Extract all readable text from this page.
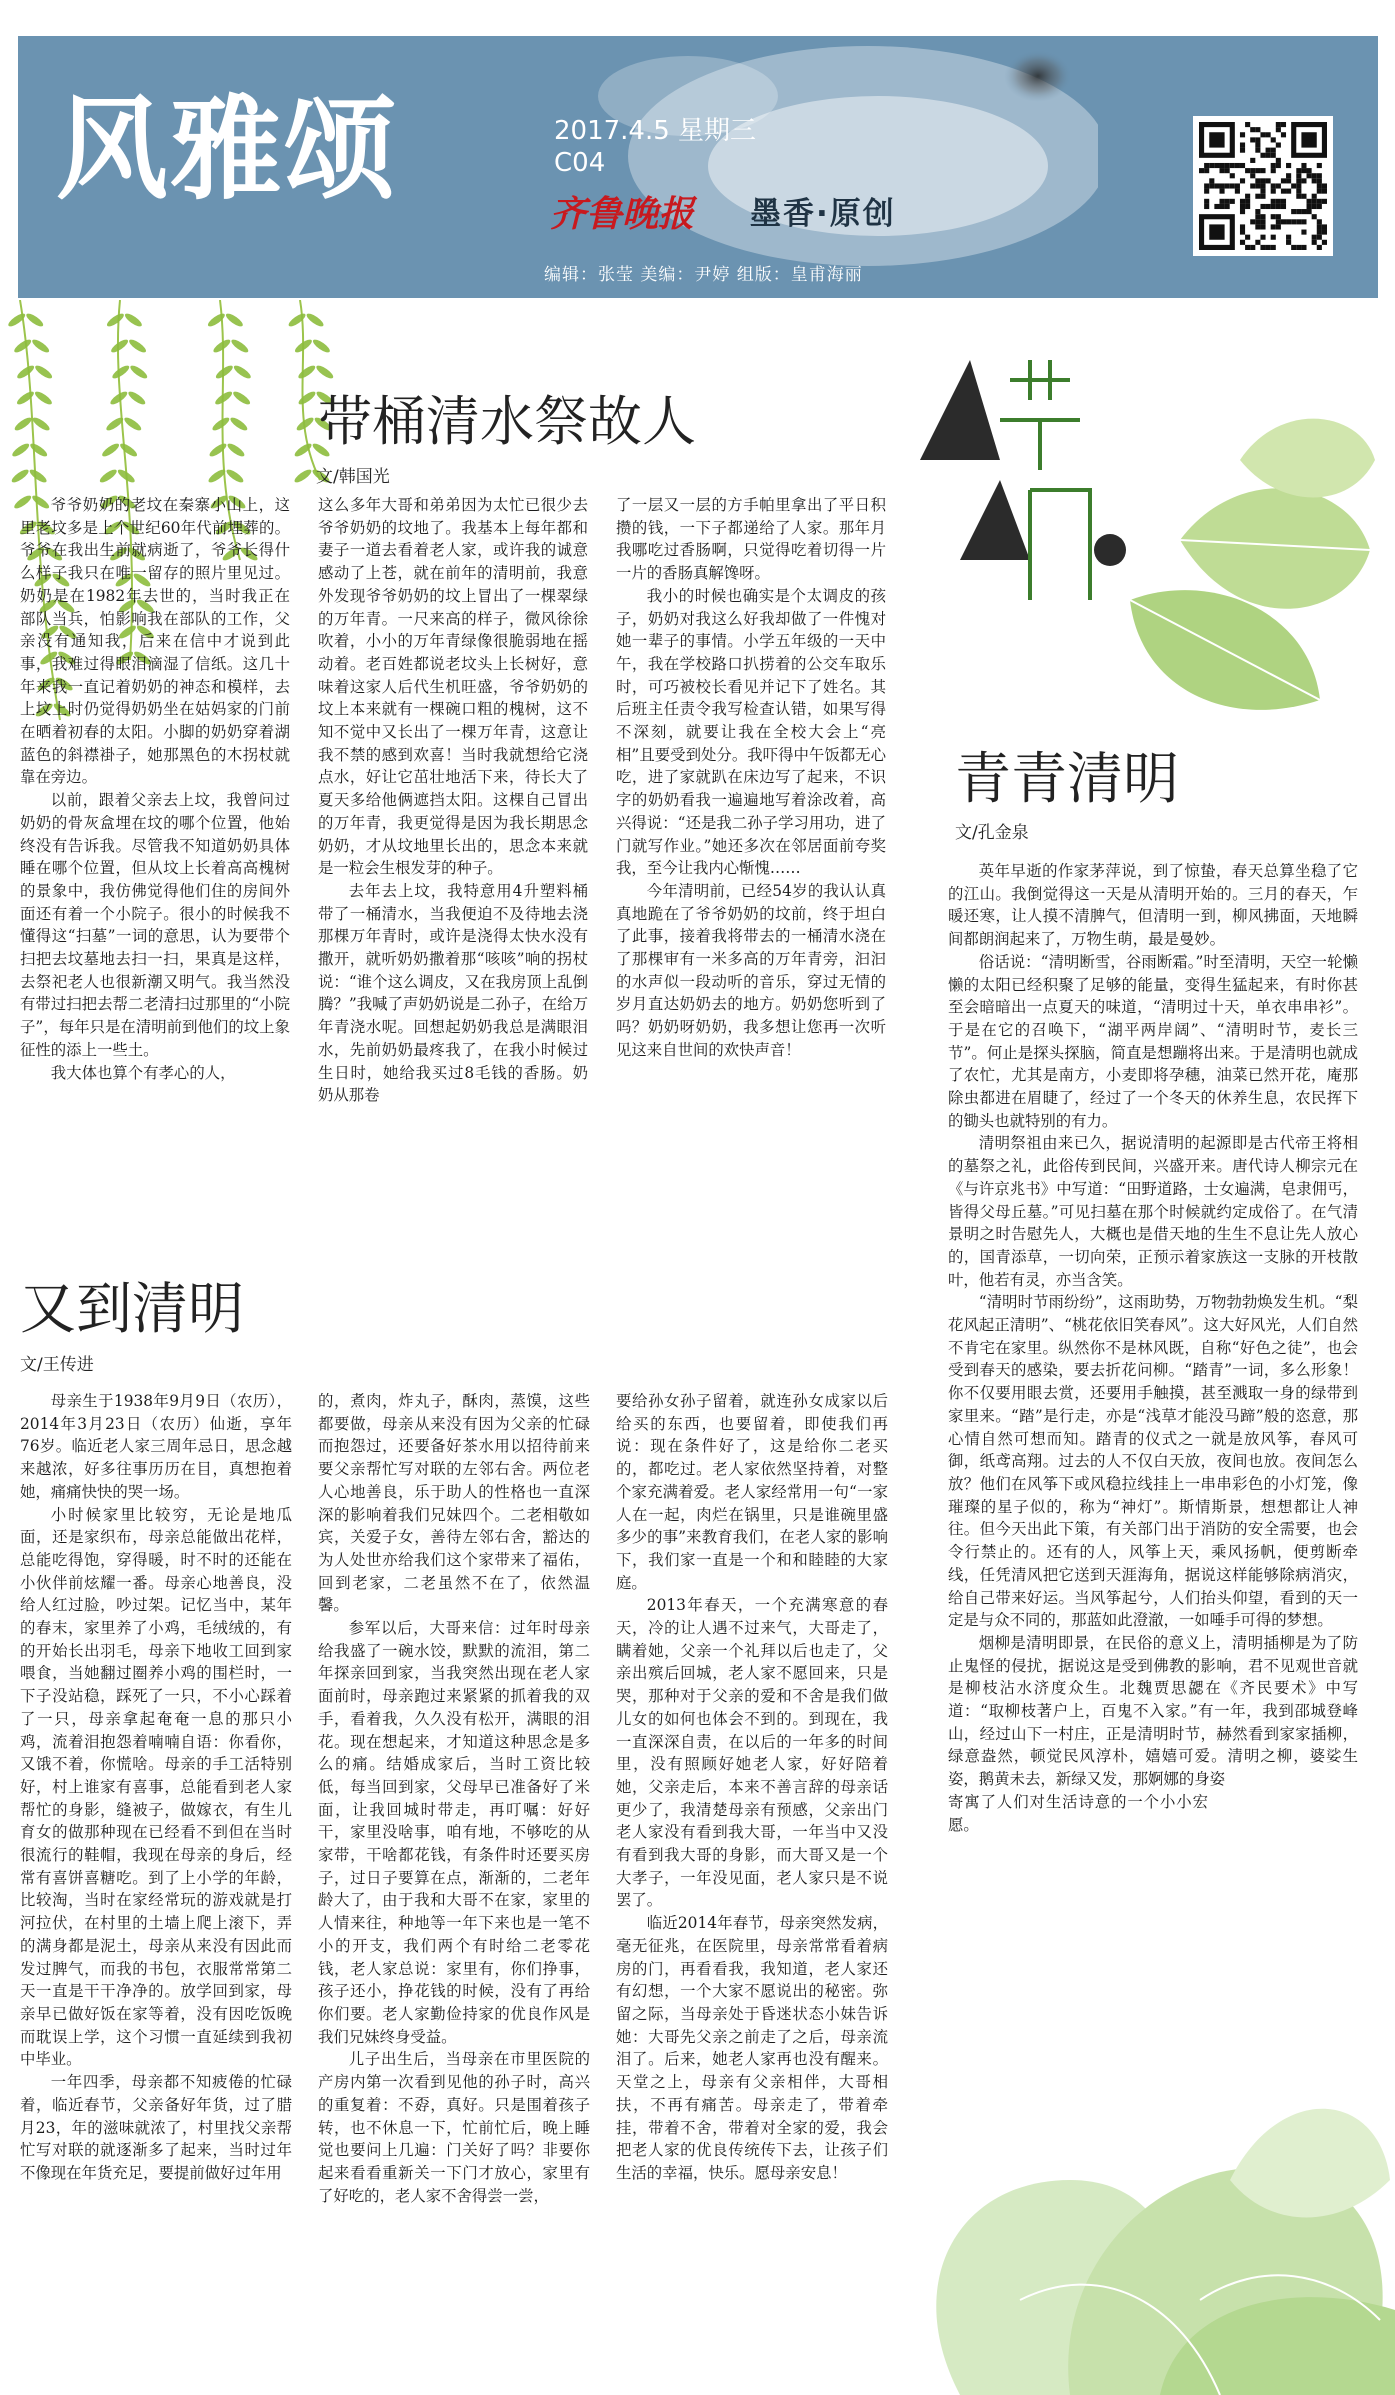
风雅颂	2017.4.5 星期三
C04
齐鲁晚报 墨香·原创
编辑：张莹 美编：尹婷 组版：皇甫海丽
丰
冂
带桶清水祭故人
文/韩国光

爷爷奶奶的老坟在秦寨小山上，这里老坟多是上个世纪60年代前埋葬的。爷爷在我出生前就病逝了，爷爷长得什么样子我只在唯一留存的照片里见过。奶奶是在1982年去世的，当时我正在部队当兵，怕影响我在部队的工作，父亲没有通知我，后来在信中才说到此事，我难过得眼泪滴湿了信纸。这几十年来我一直记着奶奶的神态和模样，去上坟上时仍觉得奶奶坐在姑妈家的门前在晒着初春的太阳。小脚的奶奶穿着湖蓝色的斜襟褂子，她那黑色的木拐杖就靠在旁边。

以前，跟着父亲去上坟，我曾问过奶奶的骨灰盒埋在坟的哪个位置，他始终没有告诉我。尽管我不知道奶奶具体睡在哪个位置，但从坟上长着高高槐树的景象中，我仿佛觉得他们住的房间外面还有着一个小院子。很小的时候我不懂得这“扫墓”一词的意思，认为要带个扫把去坟墓地去扫一扫，果真是这样，去祭祀老人也很新潮又明气。我当然没有带过扫把去帮二老清扫过那里的“小院子”，每年只是在清明前到他们的坟上象征性的添上一些土。

我大体也算个有孝心的人，

这么多年大哥和弟弟因为太忙已很少去爷爷奶奶的坟地了。我基本上每年都和妻子一道去看着老人家，或许我的诚意感动了上苍，就在前年的清明前，我意外发现爷爷奶奶的坟上冒出了一棵翠绿的万年青。一尺来高的样子，微风徐徐吹着，小小的万年青绿像很脆弱地在摇动着。老百姓都说老坟头上长树好，意味着这家人后代生机旺盛，爷爷奶奶的坟上本来就有一棵碗口粗的槐树，这不知不觉中又长出了一棵万年青，这意让我不禁的感到欢喜！当时我就想给它浇点水，好让它茁壮地活下来，待长大了夏天多给他俩遮挡太阳。这棵自己冒出的万年青，我更觉得是因为我长期思念奶奶，才从坟地里长出的，思念本来就是一粒会生根发芽的种子。

去年去上坟，我特意用4升塑料桶带了一桶清水，当我便迫不及待地去浇那棵万年青时，或许是浇得太快水没有撒开，就听奶奶撒着那“咳咳”响的拐杖说：“谁个这么调皮，又在我房顶上乱倒腾？”我喊了声奶奶说是二孙子，在给万年青浇水呢。回想起奶奶我总是满眼泪水，先前奶奶最疼我了，在我小时候过生日时，她给我买过8毛钱的香肠。奶奶从那卷

了一层又一层的方手帕里拿出了平日积攒的钱，一下子都递给了人家。那年月我哪吃过香肠啊，只觉得吃着切得一片一片的香肠真解馋呀。

我小的时候也确实是个太调皮的孩子，奶奶对我这么好我却做了一件愧对她一辈子的事情。小学五年级的一天中午，我在学校路口扒捞着的公交车取乐时，可巧被校长看见并记下了姓名。其后班主任责令我写检查认错，如果写得不深刻，就要让我在全校大会上“亮相”且要受到处分。我吓得中午饭都无心吃，进了家就趴在床边写了起来，不识字的奶奶看我一遍遍地写着涂改着，高兴得说：“还是我二孙子学习用功，进了门就写作业。”她还多次在邻居面前夸奖我，至今让我内心惭愧……

今年清明前，已经54岁的我认认真真地跪在了爷爷奶奶的坟前，终于坦白了此事，接着我将带去的一桶清水浇在了那棵审有一米多高的万年青旁，汩汩的水声似一段动听的音乐，穿过无情的岁月直达奶奶去的地方。奶奶您听到了吗？奶奶呀奶奶，我多想让您再一次听见这来自世间的欢快声音！

青青清明
文/孔金泉

英年早逝的作家茅萍说，到了惊蛰，春天总算坐稳了它的江山。我倒觉得这一天是从清明开始的。三月的春天，乍暖还寒，让人摸不清脾气，但清明一到，柳风拂面，天地瞬间都朗润起来了，万物生萌，最是曼妙。

俗话说：“清明断雪，谷雨断霜。”时至清明，天空一轮懒懒的太阳已经积聚了足够的能量，变得生猛起来，有时你甚至会暗暗出一点夏天的味道，“清明过十天，单衣串串衫”。于是在它的召唤下，“湖平两岸阔”、“清明时节，麦长三节”。何止是探头探脑，简直是想蹦将出来。于是清明也就成了农忙，尤其是南方，小麦即将孕穗，油菜已然开花，庵那除虫都进在眉睫了，经过了一个冬天的休养生息，农民挥下的锄头也就特别的有力。

清明祭祖由来已久，据说清明的起源即是古代帝王将相的墓祭之礼，此俗传到民间，兴盛开来。唐代诗人柳宗元在《与许京兆书》中写道：“田野道路，士女遍满，皂隶佣丐，皆得父母丘墓。”可见扫墓在那个时候就约定成俗了。在气清景明之时告慰先人，大概也是借天地的生生不息让先人放心的，国青添草，一切向荣，正预示着家族这一支脉的开枝散叶，他若有灵，亦当含笑。

“清明时节雨纷纷”，这雨助势，万物勃勃焕发生机。“梨花风起正清明”、“桃花依旧笑春风”。这大好风光，人们自然不肯宅在家里。纵然你不是林风既，自称“好色之徒”，也会受到春天的感染，要去折花问柳。“踏青”一词，多么形象！你不仅要用眼去赏，还要用手触摸，甚至溅取一身的绿带到家里来。“踏”是行走，亦是“浅草才能没马蹄”般的恣意，那心情自然可想而知。踏青的仪式之一就是放风筝，春风可御，纸鸢高翔。过去的人不仅白天放，夜间也放。夜间怎么放？他们在风筝下或风稳拉线挂上一串串彩色的小灯笼，像璀璨的星子似的，称为“神灯”。斯情斯景，想想都让人神往。但今天出此下策，有关部门出于消防的安全需要，也会令行禁止的。还有的人，风筝上天，乘风扬帆，便剪断牵线，任凭清风把它送到天涯海角，据说这样能够除病消灾，给自己带来好运。当风筝起兮，人们抬头仰望，看到的天一定是与众不同的，那蓝如此澄澈，一如唾手可得的梦想。

烟柳是清明即景，在民俗的意义上，清明插柳是为了防止鬼怪的侵扰，据说这是受到佛教的影响，君不见观世音就是柳枝沾水济度众生。北魏贾思勰在《齐民要术》中写道：“取柳枝著户上，百鬼不入家。”有一年，我到邵城登峰山，经过山下一村庄，正是清明时节，赫然看到家家插柳，绿意盎然，顿觉民风淳朴，嬉嬉可爱。清明之柳，婆娑生姿，鹅黄未去，新绿又发，那婀娜的身姿

寄寓了人们对生活诗意的一个小小宏愿。

又到清明
文/王传进

母亲生于1938年9月9日（农历），2014年3月23日（农历）仙逝，享年76岁。临近老人家三周年忌日，思念越来越浓，好多往事历历在目，真想抱着她，痛痛快快的哭一场。

小时候家里比较穷，无论是地瓜面，还是家织布，母亲总能做出花样，总能吃得饱，穿得暖，时不时的还能在小伙伴前炫耀一番。母亲心地善良，没给人红过脸，吵过架。记忆当中，某年的春末，家里养了小鸡，毛绒绒的，有的开始长出羽毛，母亲下地收工回到家喂食，当她翻过圈养小鸡的围栏时，一下子没站稳，踩死了一只，不小心踩着了一只，母亲拿起奄奄一息的那只小鸡，流着泪抱怨着喃喃自语：你看你，又饿不着，你慌啥。母亲的手工活特别好，村上谁家有喜事，总能看到老人家帮忙的身影，缝被子，做嫁衣，有生儿育女的做那种现在已经看不到但在当时很流行的鞋帽，我现在母亲的身后，经常有喜饼喜糖吃。到了上小学的年龄，比较淘，当时在家经常玩的游戏就是打河拉伏，在村里的土墙上爬上滚下，弄的满身都是泥土，母亲从来没有因此而发过脾气，而我的书包，衣服常常第二天一直是干干净净的。放学回到家，母亲早已做好饭在家等着，没有因吃饭晚而耽误上学，这个习惯一直延续到我初中毕业。

一年四季，母亲都不知疲倦的忙碌着，临近春节，父亲备好年货，过了腊月23，年的滋味就浓了，村里找父亲帮忙写对联的就逐渐多了起来，当时过年不像现在年货充足，要提前做好过年用

的，煮肉，炸丸子，酥肉，蒸馍，这些都要做，母亲从来没有因为父亲的忙碌而抱怨过，还要备好茶水用以招待前来要父亲帮忙写对联的左邻右舍。两位老人心地善良，乐于助人的性格也一直深深的影响着我们兄妹四个。二老相敬如宾，关爱子女，善待左邻右舍，豁达的为人处世亦给我们这个家带来了福佑，回到老家，二老虽然不在了，依然温馨。

参军以后，大哥来信：过年时母亲给我盛了一碗水饺，默默的流泪，第二年探亲回到家，当我突然出现在老人家面前时，母亲跑过来紧紧的抓着我的双手，看着我，久久没有松开，满眼的泪花。现在想起来，才知道这种思念是多么的痛。结婚成家后，当时工资比较低，每当回到家，父母早已准备好了米面，让我回城时带走，再叮嘱：好好干，家里没啥事，咱有地，不够吃的从家带，干啥都花钱，有条件时还要买房子，过日子要算在点，渐渐的，二老年龄大了，由于我和大哥不在家，家里的人情来往，种地等一年下来也是一笔不小的开支，我们两个有时给二老零花钱，老人家总说：家里有，你们挣事，孩子还小，挣花钱的时候，没有了再给你们要。老人家勤俭持家的优良作风是我们兄妹终身受益。

儿子出生后，当母亲在市里医院的产房内第一次看到见他的孙子时，高兴的重复着：不孬，真好。只是围着孩子转，也不休息一下，忙前忙后，晚上睡觉也要问上几遍：门关好了吗？非要你起来看看重新关一下门才放心，家里有了好吃的，老人家不舍得尝一尝，

要给孙女孙子留着，就连孙女成家以后给买的东西，也要留着，即使我们再说：现在条件好了，这是给你二老买的，都吃过。老人家依然坚持着，对整个家充满着爱。老人家经常用一句“一家人在一起，肉烂在锅里，只是谁碗里盛多少的事”来教育我们，在老人家的影响下，我们家一直是一个和和睦睦的大家庭。

2013年春天，一个充满寒意的春天，冷的让人遇不过来气，大哥走了，瞒着她，父亲一个礼拜以后也走了，父亲出殡后回城，老人家不愿回来，只是哭，那种对于父亲的爱和不舍是我们做儿女的如何也体会不到的。到现在，我一直深深自责，在以后的一年多的时间里，没有照顾好她老人家，好好陪着她，父亲走后，本来不善言辞的母亲话更少了，我清楚母亲有预感，父亲出门老人家没有看到我大哥，一年当中又没有看到我大哥的身影，而大哥又是一个大孝子，一年没见面，老人家只是不说罢了。

临近2014年春节，母亲突然发病，毫无征兆，在医院里，母亲常常看着病房的门，再看看我，我知道，老人家还有幻想，一个大家不愿说出的秘密。弥留之际，当母亲处于昏迷状态小妹告诉她：大哥先父亲之前走了之后，母亲流泪了。后来，她老人家再也没有醒来。天堂之上，母亲有父亲相伴，大哥相扶，不再有痛苦。母亲走了，带着牵挂，带着不舍，带着对全家的爱，我会把老人家的优良传统传下去，让孩子们生活的幸福，快乐。愿母亲安息！
